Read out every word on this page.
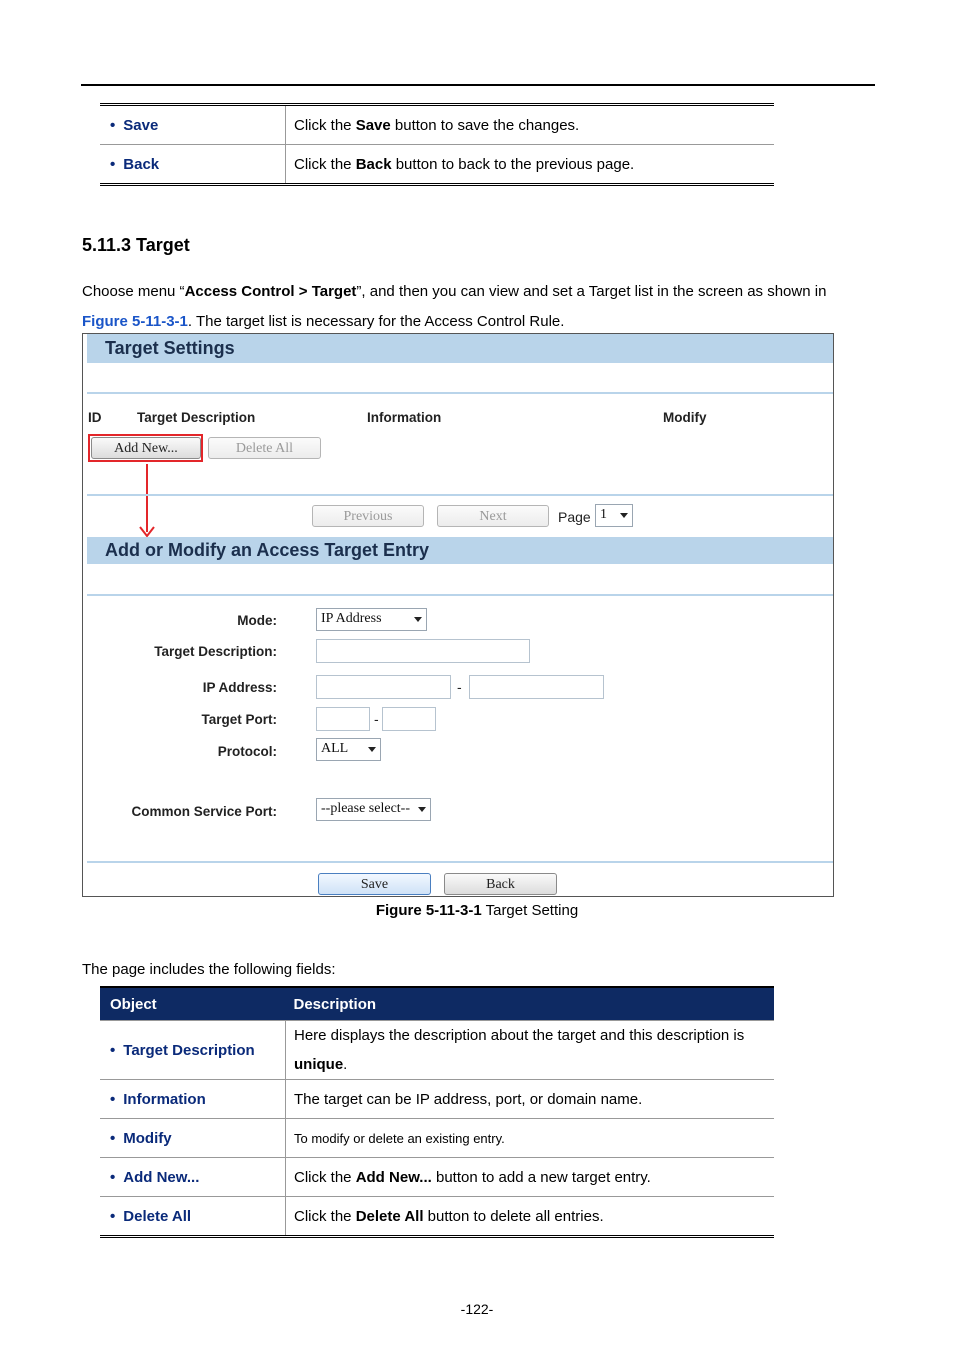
• Save	Click the Save button to save the changes.
• Back	Click the Back button to back to the previous page.
5.11.3 Target
Choose menu “Access Control > Target”, and then you can view and set a Target list in the screen as shown in
Figure 5-11-3-1. The target list is necessary for the Access Control Rule.
Target Settings
ID	Target Description	Information	Modify
Add New...	Delete All
Previous	Next	Page 1
Add or Modify an Access Target Entry
Mode:	IP Address
Target Description:
IP Address:	-
Target Port:	-
Protocol:	ALL
Common Service Port:	--please select--
Save	Back
Figure 5-11-3-1 Target Setting
The page includes the following fields:
Object	Description
• Target Description	Here displays the description about the target and this description is unique.
• Information	The target can be IP address, port, or domain name.
• Modify	To modify or delete an existing entry.
• Add New...	Click the Add New... button to add a new target entry.
• Delete All	Click the Delete All button to delete all entries.
-122-
